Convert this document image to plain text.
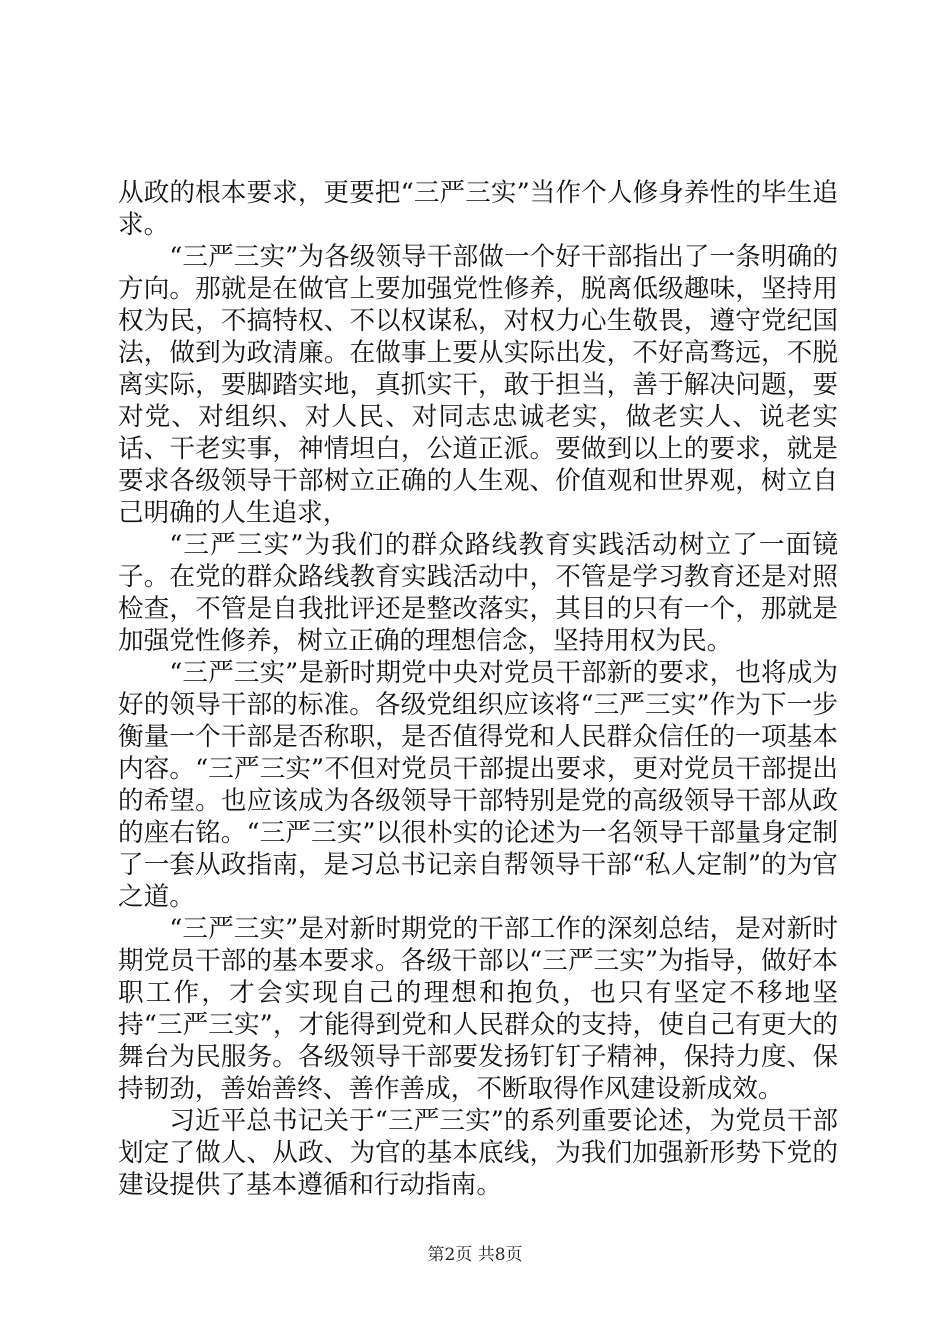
从政的根本要求，更要把“三严三实”当作个人修身养性的毕生追求。

“三严三实”为各级领导干部做一个好干部指出了一条明确的方向。那就是在做官上要加强党性修养，脱离低级趣味，坚持用权为民，不搞特权、不以权谋私，对权力心生敬畏，遵守党纪国法，做到为政清廉。在做事上要从实际出发，不好高骛远，不脱离实际，要脚踏实地，真抓实干，敢于担当，善于解决问题，要对党、对组织、对人民、对同志忠诚老实，做老实人、说老实话、干老实事，神情坦白，公道正派。要做到以上的要求，就是要求各级领导干部树立正确的人生观、价值观和世界观，树立自己明确的人生追求，

“三严三实”为我们的群众路线教育实践活动树立了一面镜子。在党的群众路线教育实践活动中，不管是学习教育还是对照检查，不管是自我批评还是整改落实，其目的只有一个，那就是加强党性修养，树立正确的理想信念，坚持用权为民。

“三严三实”是新时期党中央对党员干部新的要求，也将成为好的领导干部的标准。各级党组织应该将“三严三实”作为下一步衡量一个干部是否称职，是否值得党和人民群众信任的一项基本内容。“三严三实”不但对党员干部提出要求，更对党员干部提出的希望。也应该成为各级领导干部特别是党的高级领导干部从政的座右铭。“三严三实”以很朴实的论述为一名领导干部量身定制了一套从政指南，是习总书记亲自帮领导干部“私人定制”的为官之道。

“三严三实”是对新时期党的干部工作的深刻总结，是对新时期党员干部的基本要求。各级干部以“三严三实”为指导，做好本职工作，才会实现自己的理想和抱负，也只有坚定不移地坚持“三严三实”，才能得到党和人民群众的支持，使自己有更大的舞台为民服务。各级领导干部要发扬钉钉子精神，保持力度、保持韧劲，善始善终、善作善成，不断取得作风建设新成效。

习近平总书记关于“三严三实”的系列重要论述，为党员干部划定了做人、从政、为官的基本底线，为我们加强新形势下党的建设提供了基本遵循和行动指南。

第2页 共8页
